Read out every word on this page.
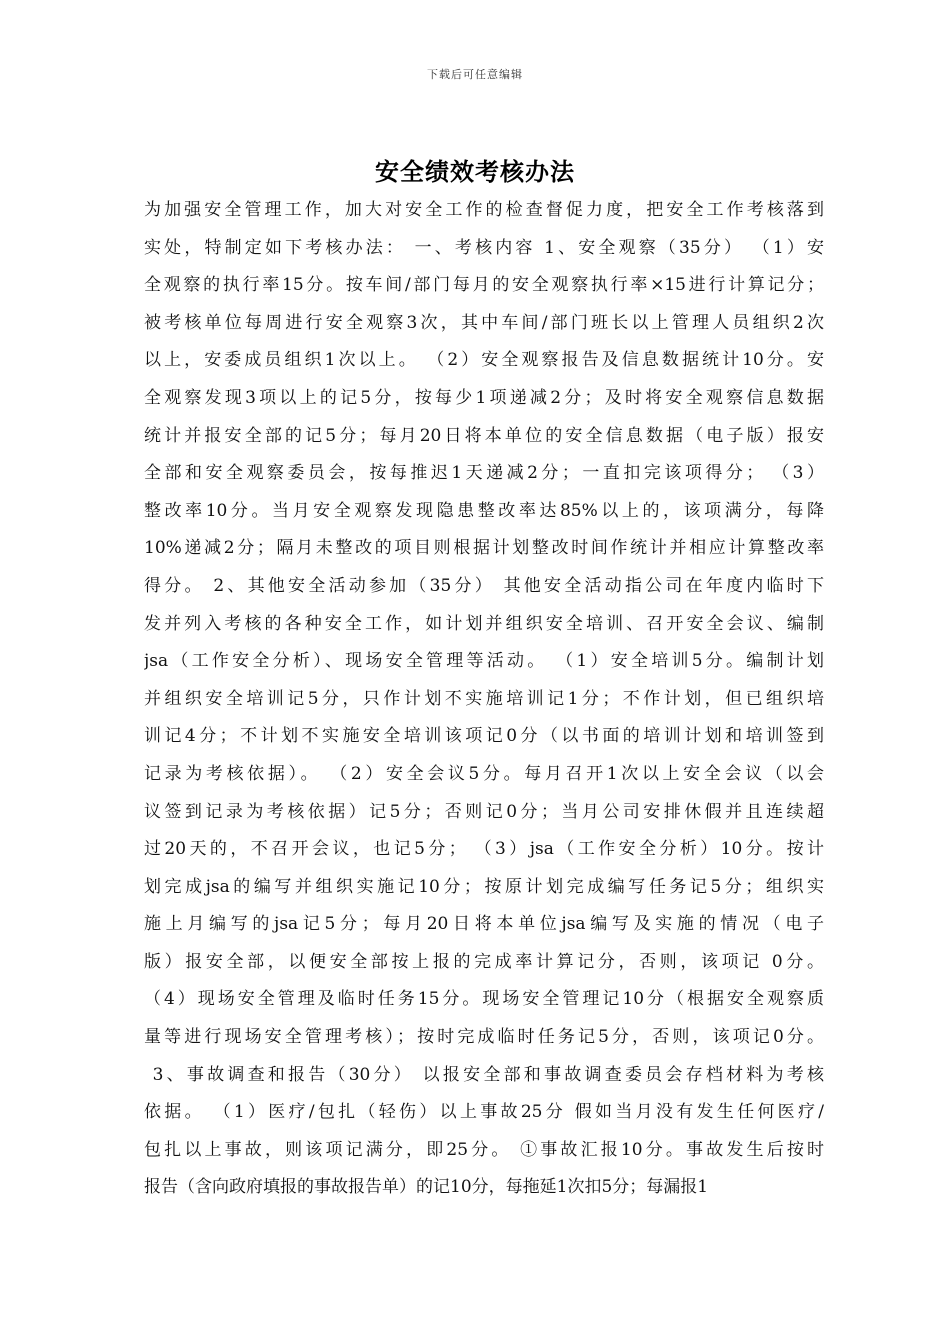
下载后可任意编辑
安全绩效考核办法
为加强安全管理工作，加大对安全工作的检查督促力度，把安全工作考核落到
实处，特制定如下考核办法： 一、考核内容 1、安全观察（35分） （1）安
全观察的执行率15分。按车间/部门每月的安全观察执行率×15进行计算记分；
被考核单位每周进行安全观察3次，其中车间/部门班长以上管理人员组织2次
以上，安委成员组织1次以上。 （2）安全观察报告及信息数据统计10分。安
全观察发现3项以上的记5分，按每少1项递减2分；及时将安全观察信息数据
统计并报安全部的记5分；每月20日将本单位的安全信息数据（电子版）报安
全部和安全观察委员会，按每推迟1天递减2分；一直扣完该项得分； （3）
整改率10分。当月安全观察发现隐患整改率达85%以上的，该项满分，每降
10%递减2分；隔月未整改的项目则根据计划整改时间作统计并相应计算整改率
得分。 2、其他安全活动参加（35分） 其他安全活动指公司在年度内临时下
发并列入考核的各种安全工作，如计划并组织安全培训、召开安全会议、编制
jsa（工作安全分析）、现场安全管理等活动。 （1）安全培训5分。编制计划
并组织安全培训记5分，只作计划不实施培训记1分；不作计划，但已组织培
训记4分；不计划不实施安全培训该项记0分（以书面的培训计划和培训签到
记录为考核依据）。 （2）安全会议5分。每月召开1次以上安全会议（以会
议签到记录为考核依据）记5分；否则记0分；当月公司安排休假并且连续超
过20天的，不召开会议，也记5分； （3）jsa（工作安全分析）10分。按计
划完成jsa的编写并组织实施记10分；按原计划完成编写任务记5分；组织实
施上月编写的jsa记5分；每月20日将本单位jsa编写及实施的情况（电子
版）报安全部，以便安全部按上报的完成率计算记分，否则，该项记 0分。
（4）现场安全管理及临时任务15分。现场安全管理记10分（根据安全观察质
量等进行现场安全管理考核）；按时完成临时任务记5分，否则，该项记0分。
3、事故调查和报告（30分） 以报安全部和事故调查委员会存档材料为考核
依据。 （1）医疗/包扎（轻伤）以上事故25分 假如当月没有发生任何医疗/
包扎以上事故，则该项记满分，即25分。 ①事故汇报10分。事故发生后按时
报告（含向政府填报的事故报告单）的记10分，每拖延1次扣5分；每漏报1
